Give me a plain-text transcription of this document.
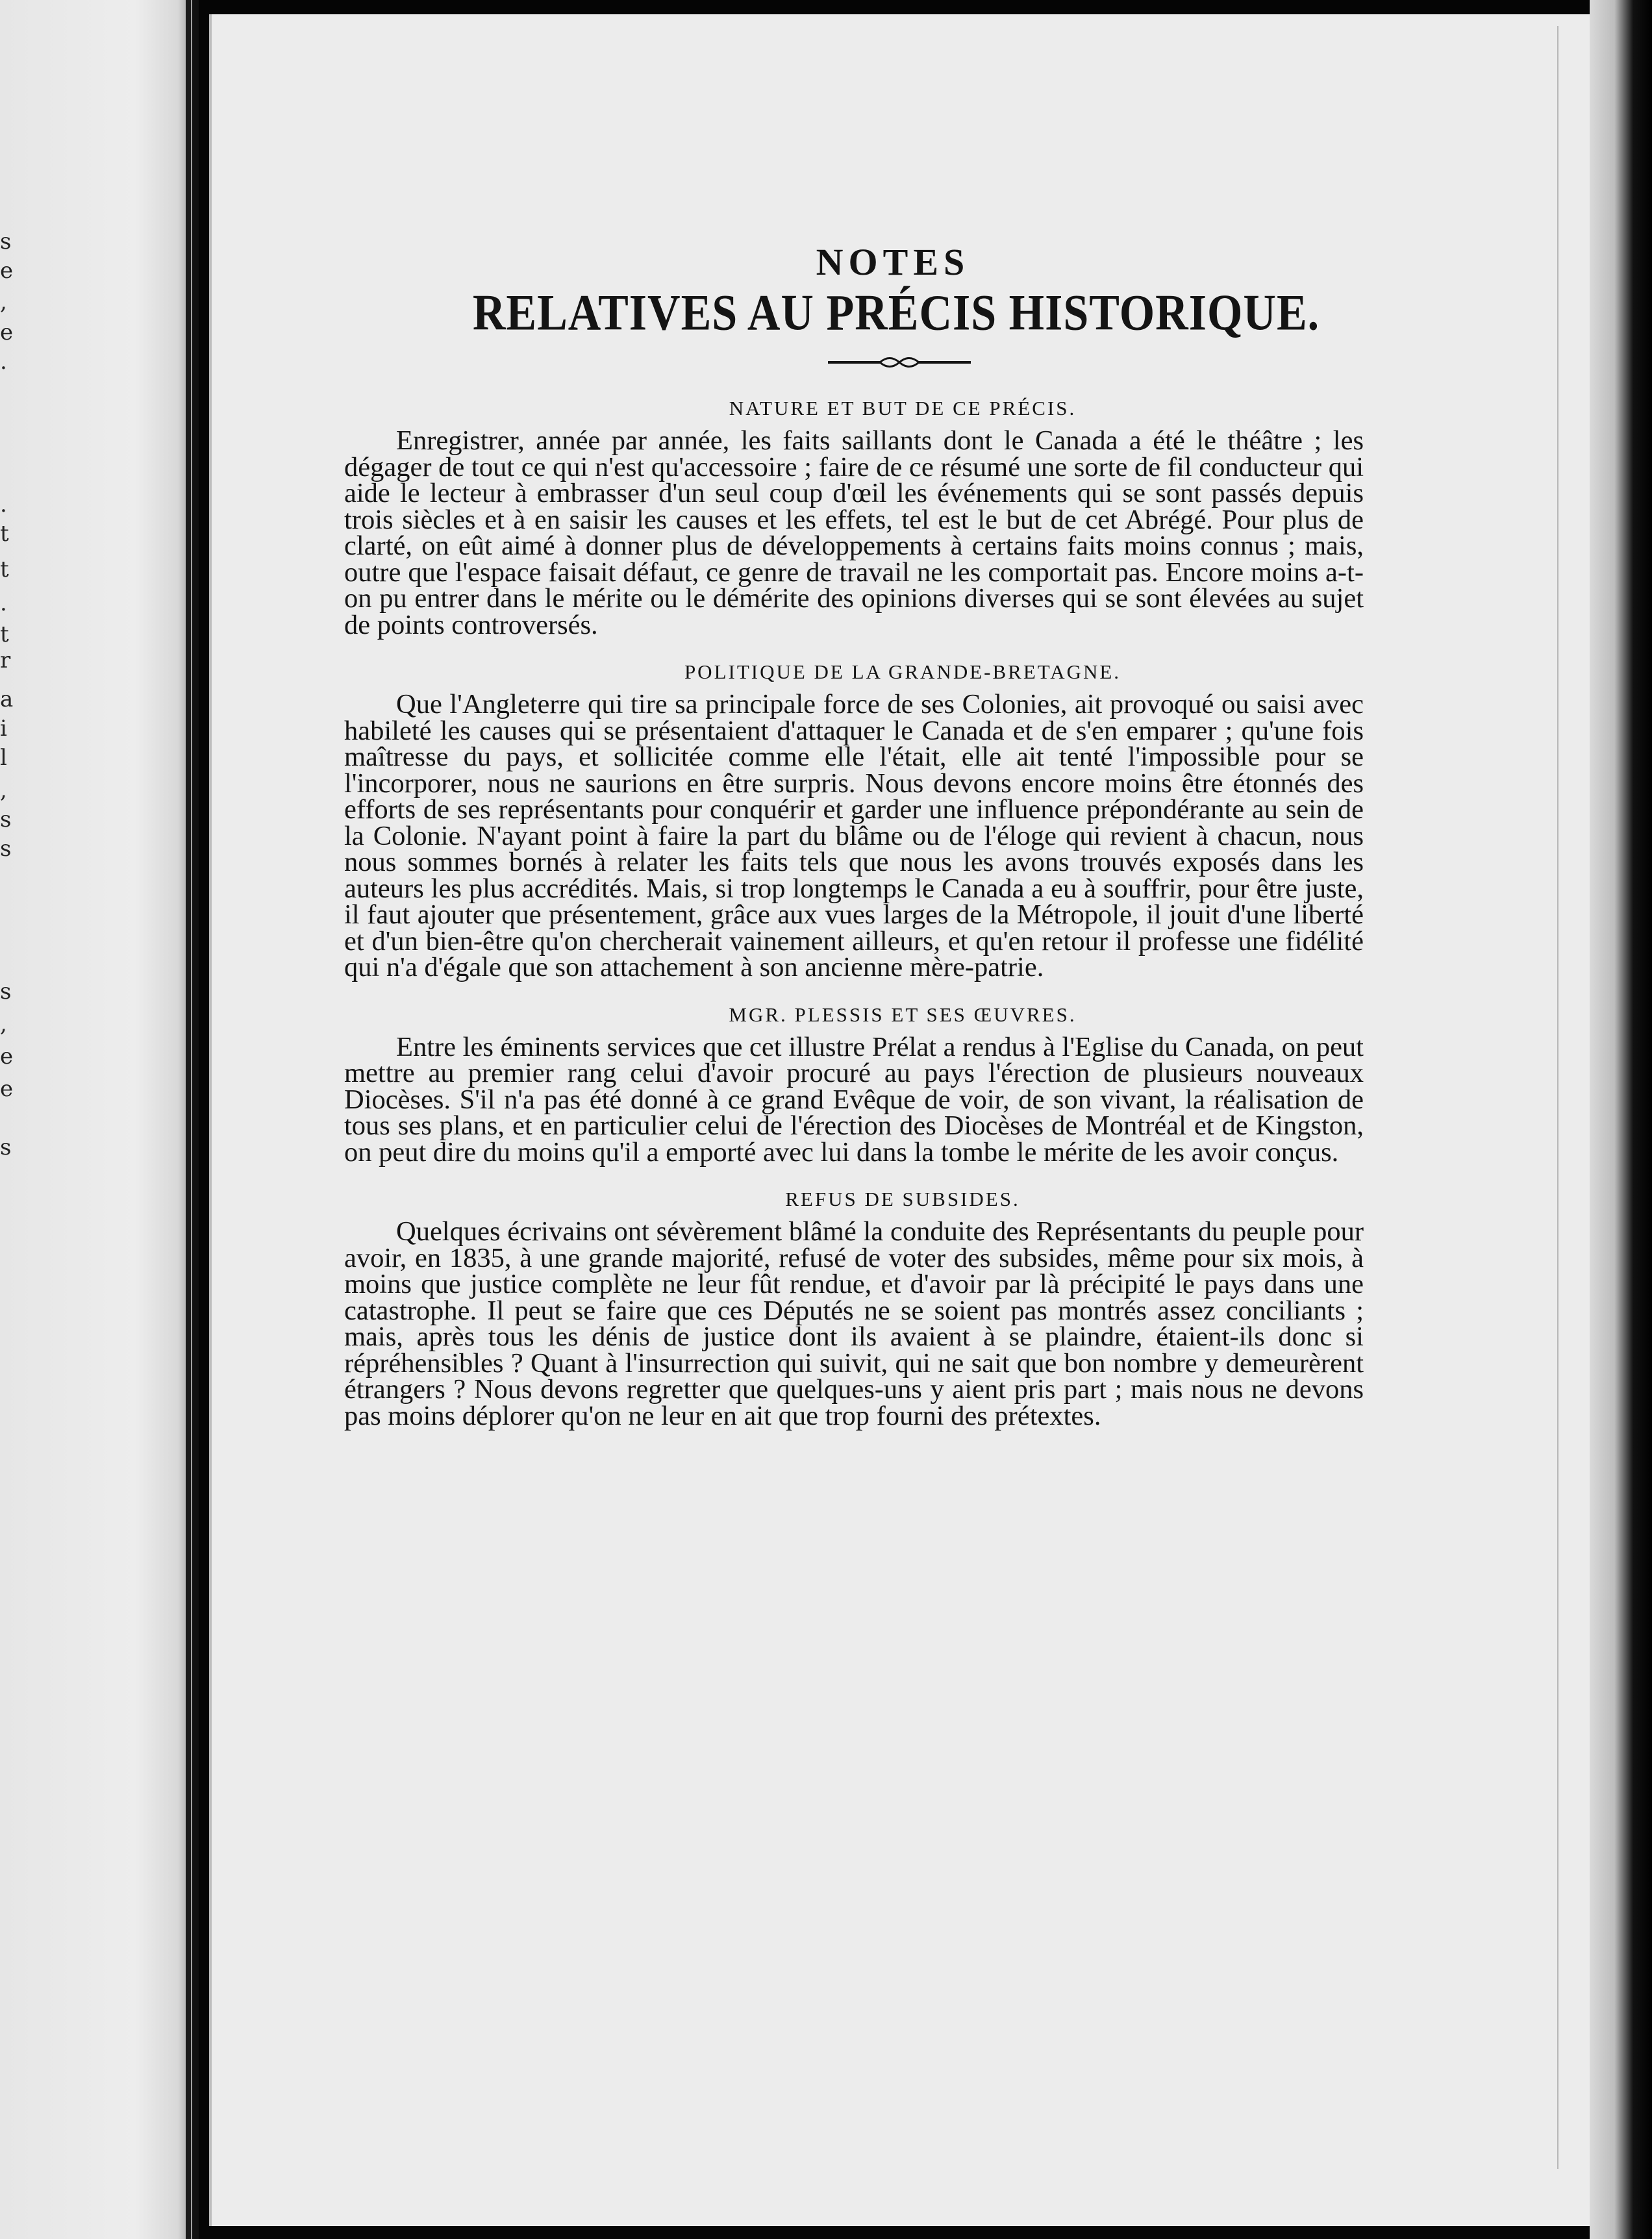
s
e
,
e
.
.
t
t
.
t
r
a
i
l
,
s
s
s
,
e
e
s
NOTES
RELATIVES AU PRÉCIS HISTORIQUE.
NATURE ET BUT DE CE PRÉCIS.

Enregistrer, année par année, les faits saillants dont le Canada a été le théâtre ; les dégager de tout ce qui n'est qu'accessoire ; faire de ce résumé une sorte de fil conducteur qui aide le lecteur à embrasser d'un seul coup d'œil les événements qui se sont passés depuis trois siècles et à en saisir les causes et les effets, tel est le but de cet Abrégé. Pour plus de clarté, on eût aimé à donner plus de développements à certains faits moins connus ; mais, outre que l'espace faisait défaut, ce genre de travail ne les comportait pas. Encore moins a-t-on pu entrer dans le mérite ou le démérite des opinions diverses qui se sont élevées au sujet de points controversés.

POLITIQUE DE LA GRANDE-BRETAGNE.

Que l'Angleterre qui tire sa principale force de ses Colonies, ait provoqué ou saisi avec habileté les causes qui se présentaient d'attaquer le Canada et de s'en emparer ; qu'une fois maîtresse du pays, et sollicitée comme elle l'était, elle ait tenté l'impossible pour se l'incorporer, nous ne saurions en être surpris. Nous devons encore moins être étonnés des efforts de ses représentants pour conquérir et garder une influence prépondérante au sein de la Colonie. N'ayant point à faire la part du blâme ou de l'éloge qui revient à chacun, nous nous sommes bornés à relater les faits tels que nous les avons trouvés exposés dans les auteurs les plus accrédités. Mais, si trop longtemps le Canada a eu à souffrir, pour être juste, il faut ajouter que présentement, grâce aux vues larges de la Métropole, il jouit d'une liberté et d'un bien-être qu'on chercherait vainement ailleurs, et qu'en retour il professe une fidélité qui n'a d'égale que son attachement à son ancienne mère-patrie.

MGR. PLESSIS ET SES ŒUVRES.

Entre les éminents services que cet illustre Prélat a rendus à l'Eglise du Canada, on peut mettre au premier rang celui d'avoir procuré au pays l'érection de plusieurs nouveaux Diocèses. S'il n'a pas été donné à ce grand Evêque de voir, de son vivant, la réalisation de tous ses plans, et en particulier celui de l'érection des Diocèses de Montréal et de Kingston, on peut dire du moins qu'il a emporté avec lui dans la tombe le mérite de les avoir conçus.

REFUS DE SUBSIDES.

Quelques écrivains ont sévèrement blâmé la conduite des Représentants du peuple pour avoir, en 1835, à une grande majorité, refusé de voter des subsides, même pour six mois, à moins que justice complète ne leur fût rendue, et d'avoir par là précipité le pays dans une catastrophe. Il peut se faire que ces Députés ne se soient pas montrés assez conciliants ; mais, après tous les dénis de justice dont ils avaient à se plaindre, étaient-ils donc si répréhensibles ? Quant à l'insurrection qui suivit, qui ne sait que bon nombre y demeurèrent étrangers ? Nous devons regretter que quelques-uns y aient pris part ; mais nous ne devons pas moins déplorer qu'on ne leur en ait que trop fourni des prétextes.
